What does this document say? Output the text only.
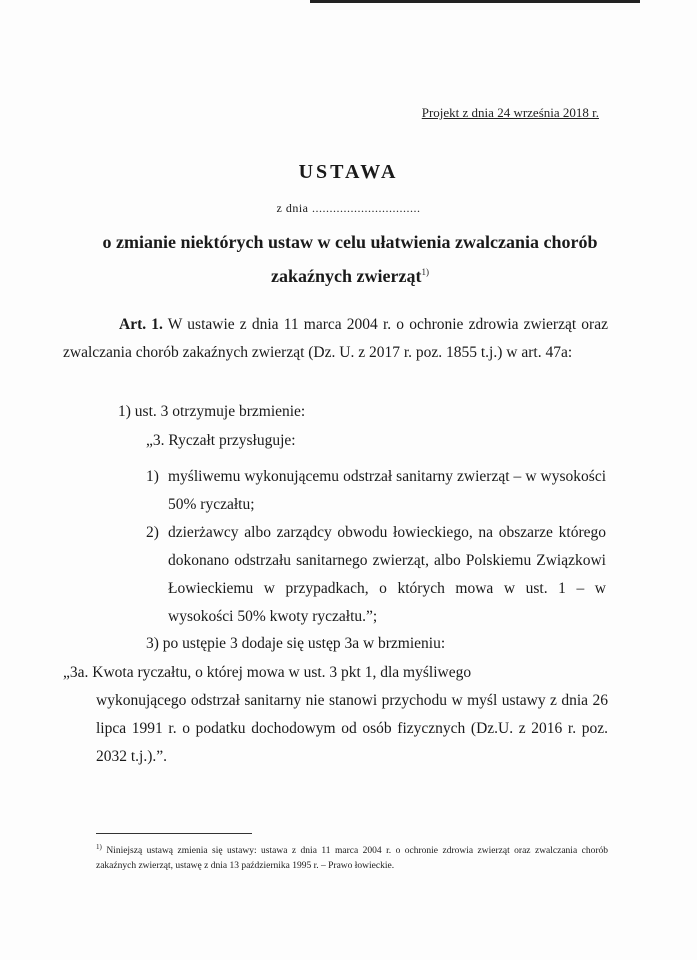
Projekt z dnia 24 września 2018 r.
USTAWA
z dnia ...............................
o zmianie niektórych ustaw w celu ułatwienia zwalczania chorób zakaźnych zwierząt$^{1)}$
Art. 1. W ustawie z dnia 11 marca 2004 r. o ochronie zdrowia zwierząt oraz zwalczania chorób zakaźnych zwierząt (Dz. U. z 2017 r. poz. 1855 t.j.) w art. 47a:
1) ust. 3 otrzymuje brzmienie:
„3. Ryczałt przysługuje:
1) myśliwemu wykonującemu odstrzał sanitarny zwierząt – w wysokości 50% ryczałtu;
2) dzierżawcy albo zarządcy obwodu łowieckiego, na obszarze którego dokonano odstrzału sanitarnego zwierząt, albo Polskiemu Związkowi Łowieckiemu w przypadkach, o których mowa w ust. 1 – w wysokości 50% kwoty ryczałtu.”;
3) po ustępie 3 dodaje się ustęp 3a w brzmieniu:
„3a. Kwota ryczałtu, o której mowa w ust. 3 pkt 1, dla myśliwego
wykonującego odstrzał sanitarny nie stanowi przychodu w myśl ustawy z dnia 26 lipca 1991 r. o podatku dochodowym od osób fizycznych (Dz.U. z 2016 r. poz. 2032 t.j.).”.
$^{1)}$ Niniejszą ustawą zmienia się ustawy: ustawa z dnia 11 marca 2004 r. o ochronie zdrowia zwierząt oraz zwalczania chorób zakaźnych zwierząt, ustawę z dnia 13 października 1995 r. – Prawo łowieckie.
